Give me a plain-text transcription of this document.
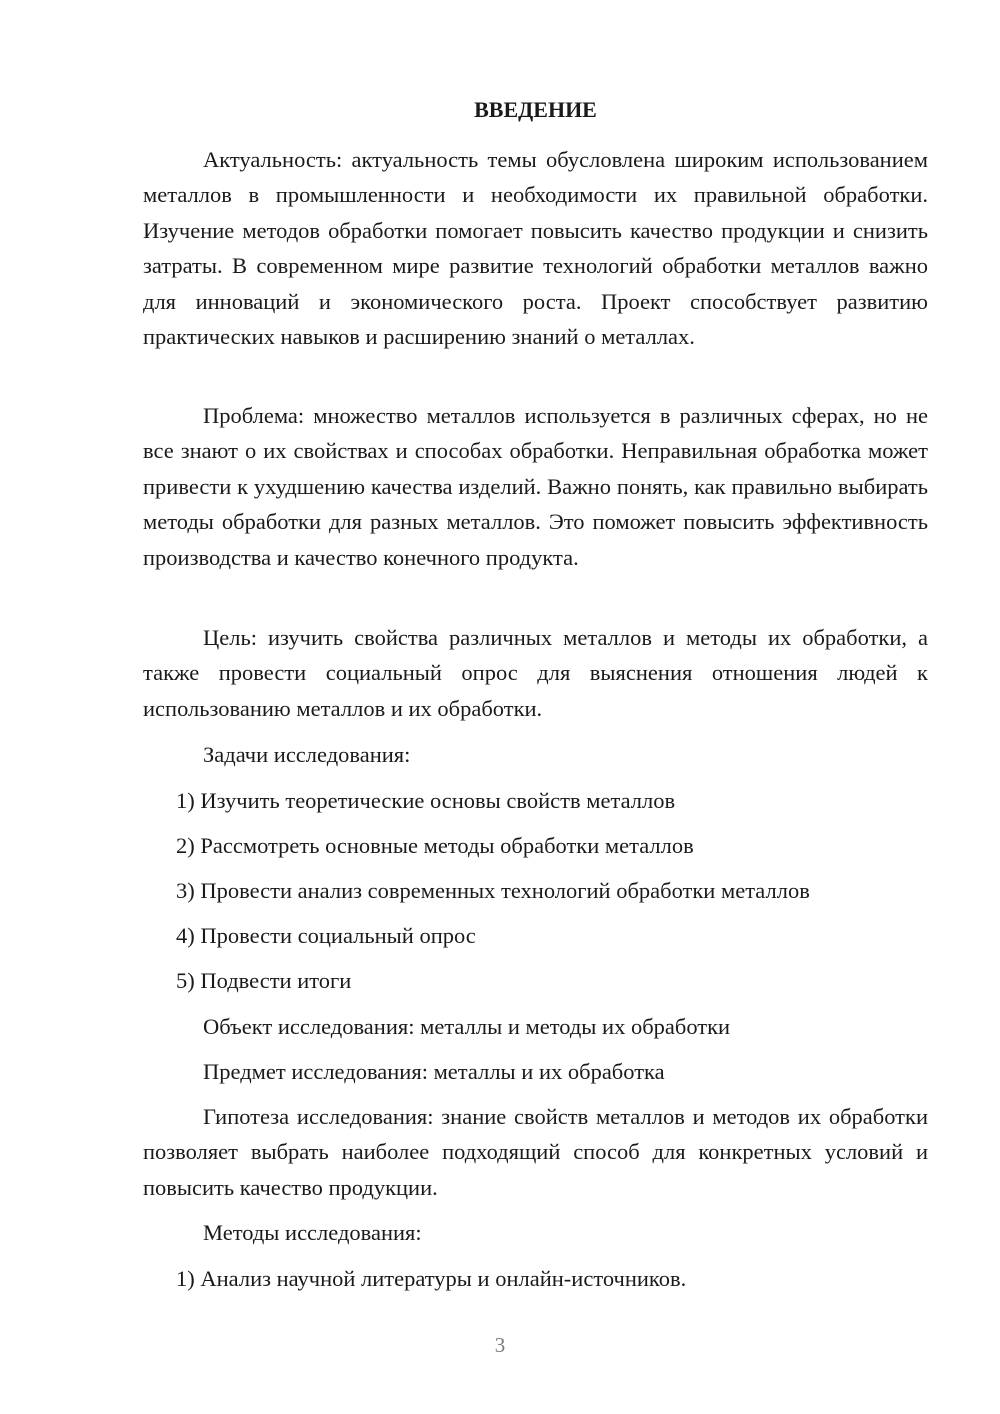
ВВЕДЕНИЕ

Актуальность: актуальность темы обусловлена широким использованием металлов в промышленности и необходимости их правильной обработки. Изучение методов обработки помогает повысить качество продукции и снизить затраты. В современном мире развитие технологий обработки металлов важно для инноваций и экономического роста. Проект способствует развитию практических навыков и расширению знаний о металлах.

Проблема: множество металлов используется в различных сферах, но не все знают о их свойствах и способах обработки. Неправильная обработка может привести к ухудшению качества изделий. Важно понять, как правильно выбирать методы обработки для разных металлов. Это поможет повысить эффективность производства и качество конечного продукта.

Цель: изучить свойства различных металлов и методы их обработки, а также провести социальный опрос для выяснения отношения людей к использованию металлов и их обработки.

Задачи исследования:

1) Изучить теоретические основы свойств металлов

2) Рассмотреть основные методы обработки металлов

3) Провести анализ современных технологий обработки металлов

4) Провести социальный опрос

5) Подвести итоги

Объект исследования: металлы и методы их обработки

Предмет исследования: металлы и их обработка

Гипотеза исследования: знание свойств металлов и методов их обработки позволяет выбрать наиболее подходящий способ для конкретных условий и повысить качество продукции.

Методы исследования:

1) Анализ научной литературы и онлайн-источников.

3
